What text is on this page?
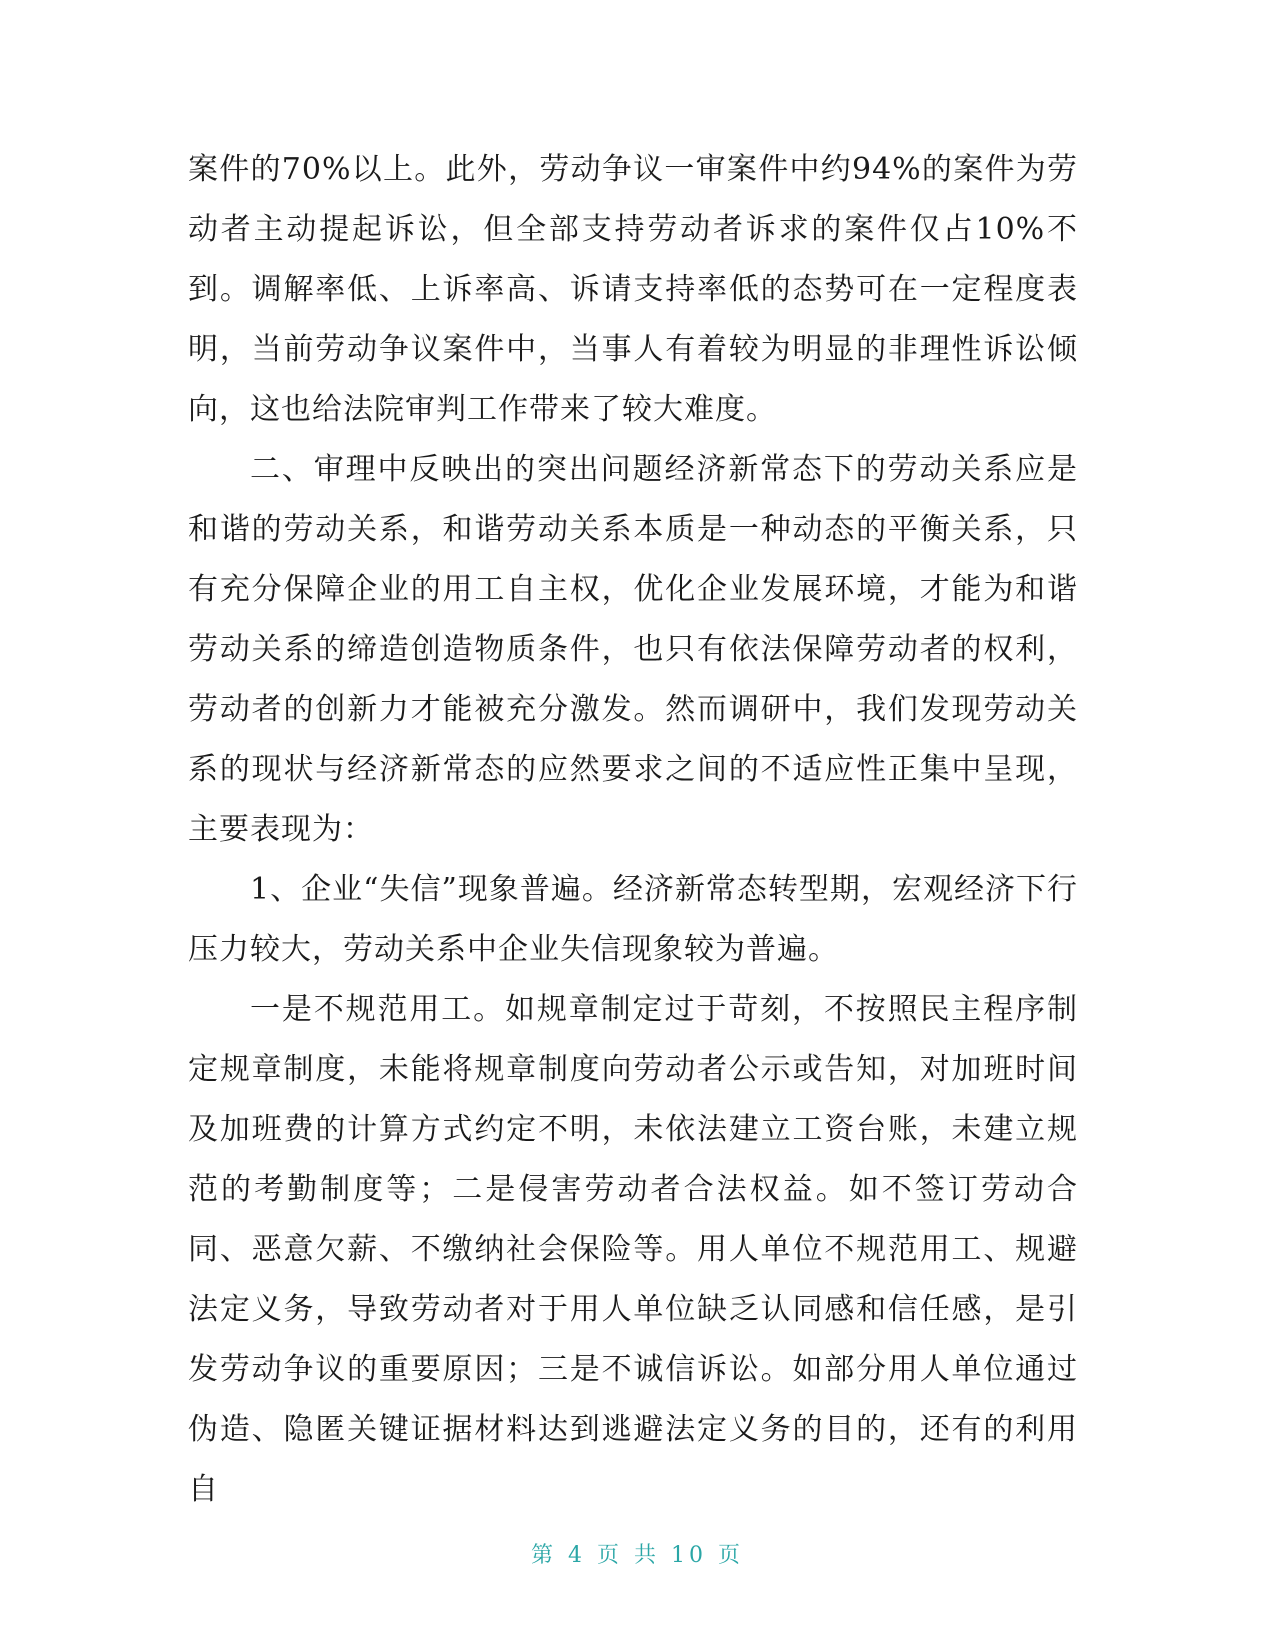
案件的70%以上。此外，劳动争议一审案件中约94%的案件为劳动者主动提起诉讼，但全部支持劳动者诉求的案件仅占10%不到。调解率低、上诉率高、诉请支持率低的态势可在一定程度表明，当前劳动争议案件中，当事人有着较为明显的非理性诉讼倾向，这也给法院审判工作带来了较大难度。

二、审理中反映出的突出问题经济新常态下的劳动关系应是和谐的劳动关系，和谐劳动关系本质是一种动态的平衡关系，只有充分保障企业的用工自主权，优化企业发展环境，才能为和谐劳动关系的缔造创造物质条件，也只有依法保障劳动者的权利，劳动者的创新力才能被充分激发。然而调研中，我们发现劳动关系的现状与经济新常态的应然要求之间的不适应性正集中呈现，主要表现为：

1、企业“失信”现象普遍。经济新常态转型期，宏观经济下行压力较大，劳动关系中企业失信现象较为普遍。

一是不规范用工。如规章制定过于苛刻，不按照民主程序制定规章制度，未能将规章制度向劳动者公示或告知，对加班时间及加班费的计算方式约定不明，未依法建立工资台账，未建立规范的考勤制度等；二是侵害劳动者合法权益。如不签订劳动合同、恶意欠薪、不缴纳社会保险等。用人单位不规范用工、规避法定义务，导致劳动者对于用人单位缺乏认同感和信任感，是引发劳动争议的重要原因；三是不诚信诉讼。如部分用人单位通过伪造、隐匿关键证据材料达到逃避法定义务的目的，还有的利用自

第 4 页 共 10 页
